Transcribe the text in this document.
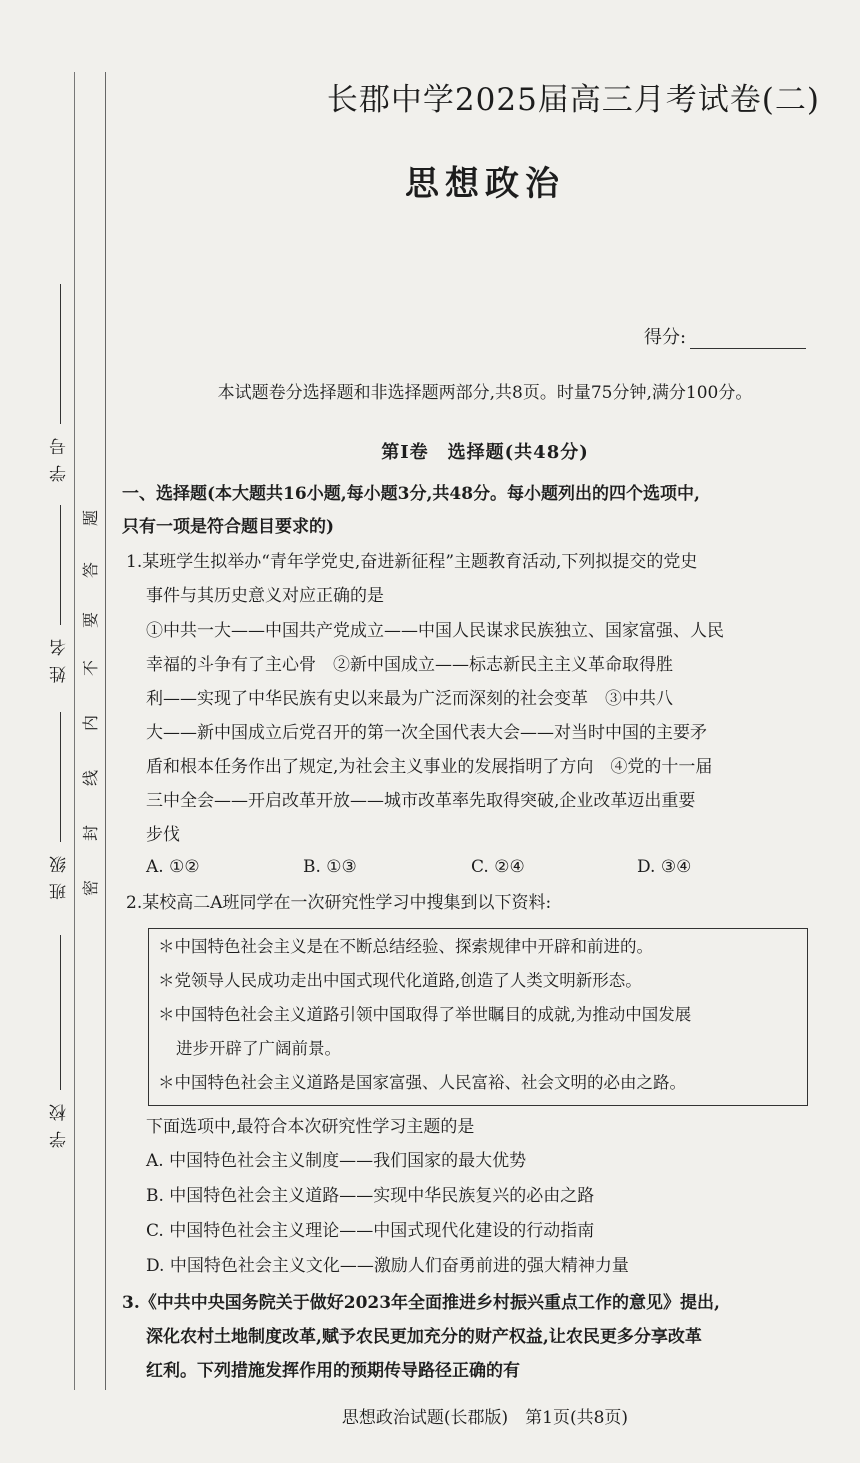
学号
姓名
班级
学校
密
封
线
内
不
要
答
题
长郡中学2025届高三月考试卷(二)
思想政治
得分:
本试题卷分选择题和非选择题两部分,共8页。时量75分钟,满分100分。
第Ⅰ卷　选择题(共48分)
一、选择题(本大题共16小题,每小题3分,共48分。每小题列出的四个选项中,
只有一项是符合题目要求的)
1.某班学生拟举办“青年学党史,奋进新征程”主题教育活动,下列拟提交的党史
事件与其历史意义对应正确的是
①中共一大——中国共产党成立——中国人民谋求民族独立、国家富强、人民
幸福的斗争有了主心骨　②新中国成立——标志新民主主义革命取得胜
利——实现了中华民族有史以来最为广泛而深刻的社会变革　③中共八
大——新中国成立后党召开的第一次全国代表大会——对当时中国的主要矛
盾和根本任务作出了规定,为社会主义事业的发展指明了方向　④党的十一届
三中全会——开启改革开放——城市改革率先取得突破,企业改革迈出重要
步伐
A. ①②	B. ①③	C. ②④	D. ③④
2.某校高二A班同学在一次研究性学习中搜集到以下资料:
＊中国特色社会主义是在不断总结经验、探索规律中开辟和前进的。
＊党领导人民成功走出中国式现代化道路,创造了人类文明新形态。
＊中国特色社会主义道路引领中国取得了举世瞩目的成就,为推动中国发展
进步开辟了广阔前景。
＊中国特色社会主义道路是国家富强、人民富裕、社会文明的必由之路。
下面选项中,最符合本次研究性学习主题的是
A. 中国特色社会主义制度——我们国家的最大优势
B. 中国特色社会主义道路——实现中华民族复兴的必由之路
C. 中国特色社会主义理论——中国式现代化建设的行动指南
D. 中国特色社会主义文化——激励人们奋勇前进的强大精神力量
3.《中共中央国务院关于做好2023年全面推进乡村振兴重点工作的意见》提出,
深化农村土地制度改革,赋予农民更加充分的财产权益,让农民更多分享改革
红利。下列措施发挥作用的预期传导路径正确的有
思想政治试题(长郡版)　第1页(共8页)
